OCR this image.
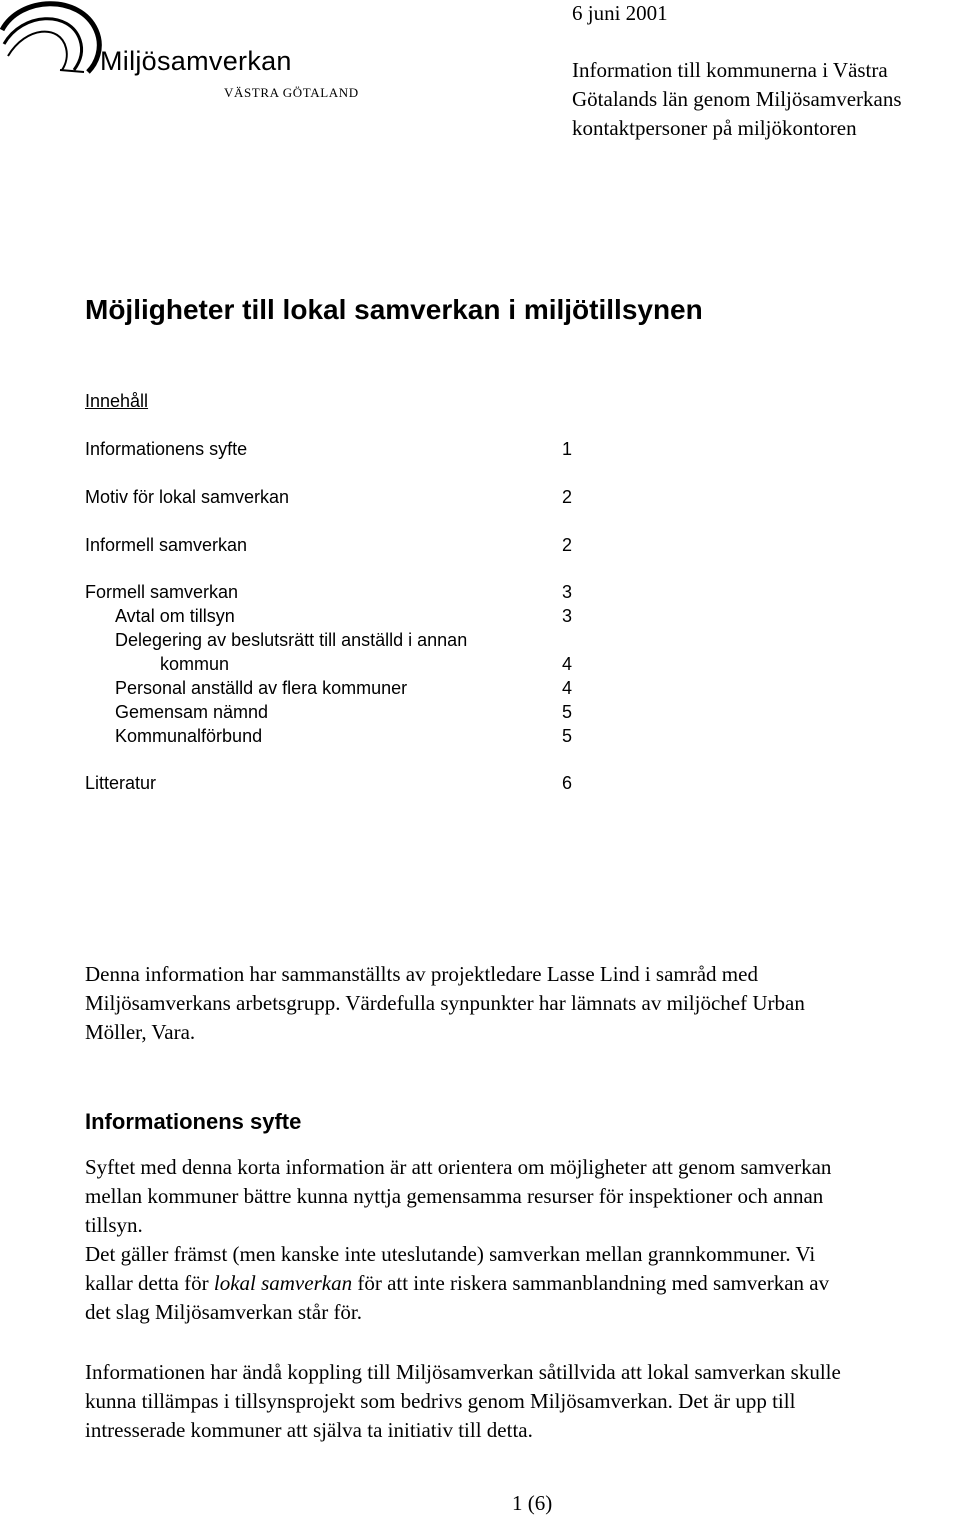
Miljösamverkan
VÄSTRA GÖTALAND
6 juni 2001
Information till kommunerna i Västra
Götalands län genom Miljösamverkans
kontaktpersoner på miljökontoren
Möjligheter till lokal samverkan i miljötillsynen
Innehåll
Informationens syfte	1
Motiv för lokal samverkan	2
Informell samverkan	2
Formell samverkan	3
Avtal om tillsyn	3
Delegering av beslutsrätt till anställd i annan
kommun	4
Personal anställd av flera kommuner	4
Gemensam nämnd	5
Kommunalförbund	5
Litteratur	6
Denna information har sammanställts av projektledare Lasse Lind i samråd med
Miljösamverkans arbetsgrupp. Värdefulla synpunkter har lämnats av miljöchef Urban
Möller, Vara.
Informationens syfte
Syftet med denna korta information är att orientera om möjligheter att genom samverkan
mellan kommuner bättre kunna nyttja gemensamma resurser för inspektioner och annan
tillsyn.
Det gäller främst (men kanske inte uteslutande) samverkan mellan grannkommuner. Vi
kallar detta för lokal samverkan för att inte riskera sammanblandning med samverkan av
det slag Miljösamverkan står för.
Informationen har ändå koppling till Miljösamverkan såtillvida att lokal samverkan skulle
kunna tillämpas i tillsynsprojekt som bedrivs genom Miljösamverkan. Det är upp till
intresserade kommuner att själva ta initiativ till detta.
1 (6)
